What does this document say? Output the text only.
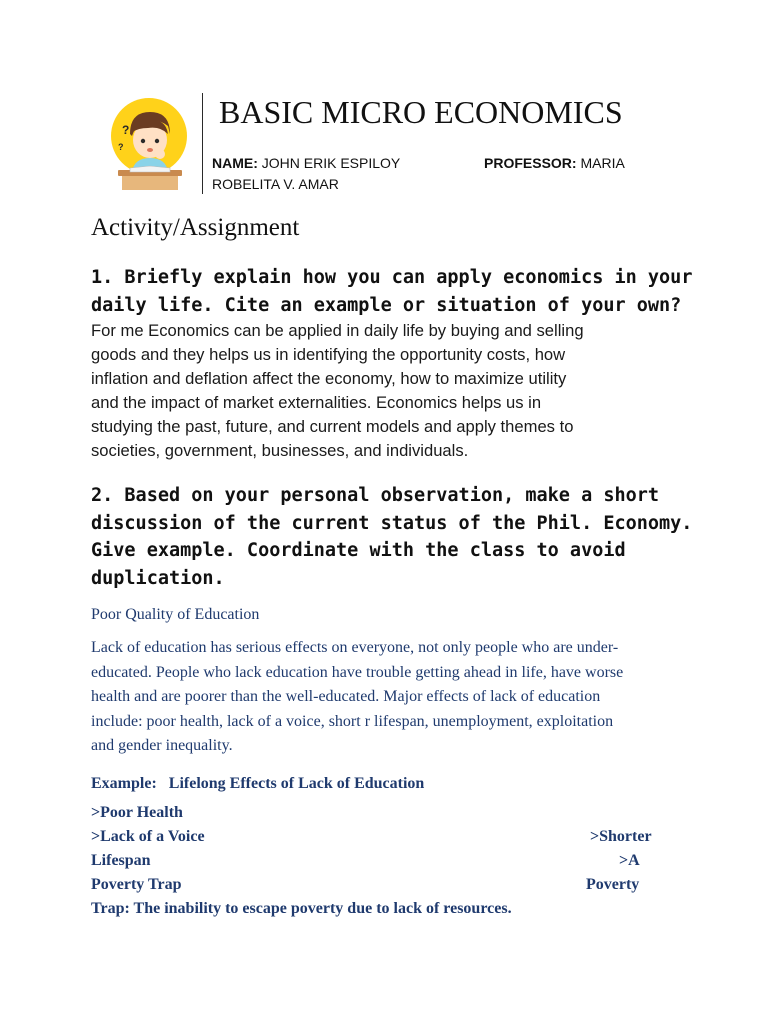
?
?
BASIC MICRO ECONOMICS
NAME: JOHN ERIK ESPILOY	PROFESSOR: MARIA
ROBELITA V. AMAR
Activity/Assignment
1. Briefly explain how you can apply economics in your
daily life. Cite an example or situation of your own?
For me Economics can be applied in daily life by buying and selling
goods and they helps us in identifying the opportunity costs, how
inflation and deflation affect the economy, how to maximize utility
and the impact of market externalities. Economics helps us in
studying the past, future, and current models and apply themes to
societies, government, businesses, and individuals.
2. Based on your personal observation, make a short
discussion of the current status of the Phil. Economy.
Give example. Coordinate with the class to avoid
duplication.
Poor Quality of Education
Lack of education has serious effects on everyone, not only people who are under-
educated. People who lack education have trouble getting ahead in life, have worse
health and are poorer than the well-educated. Major effects of lack of education
include: poor health, lack of a voice, short r lifespan, unemployment, exploitation
and gender inequality.
Example: Lifelong Effects of Lack of Education
>Poor Health
>Lack of a Voice	>Shorter
Lifespan	>A
Poverty Trap	Poverty
Trap: The inability to escape poverty due to lack of resources.
